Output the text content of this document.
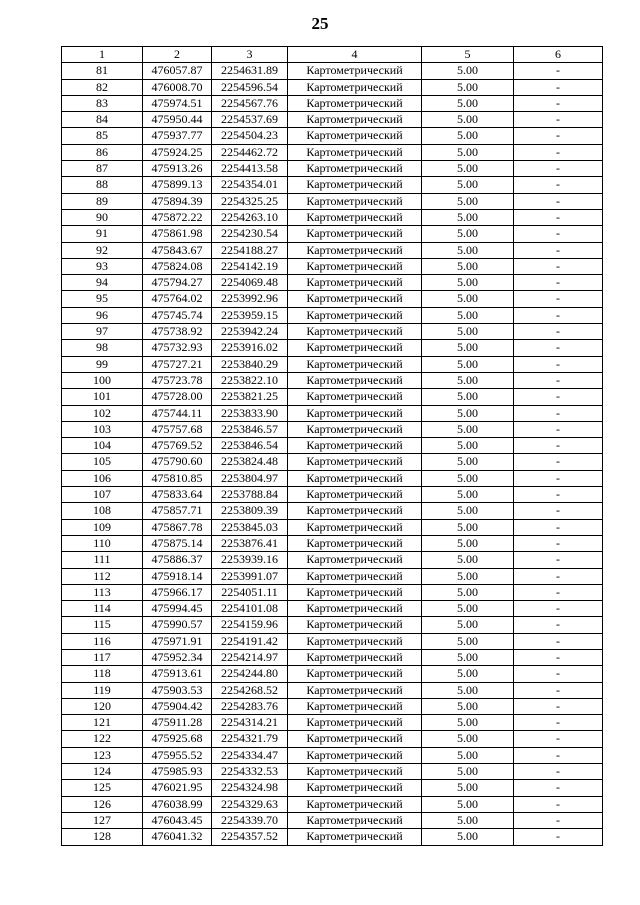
25
1	2	3	4	5	6
81	476057.87	2254631.89	Картометрический	5.00	-
82	476008.70	2254596.54	Картометрический	5.00	-
83	475974.51	2254567.76	Картометрический	5.00	-
84	475950.44	2254537.69	Картометрический	5.00	-
85	475937.77	2254504.23	Картометрический	5.00	-
86	475924.25	2254462.72	Картометрический	5.00	-
87	475913.26	2254413.58	Картометрический	5.00	-
88	475899.13	2254354.01	Картометрический	5.00	-
89	475894.39	2254325.25	Картометрический	5.00	-
90	475872.22	2254263.10	Картометрический	5.00	-
91	475861.98	2254230.54	Картометрический	5.00	-
92	475843.67	2254188.27	Картометрический	5.00	-
93	475824.08	2254142.19	Картометрический	5.00	-
94	475794.27	2254069.48	Картометрический	5.00	-
95	475764.02	2253992.96	Картометрический	5.00	-
96	475745.74	2253959.15	Картометрический	5.00	-
97	475738.92	2253942.24	Картометрический	5.00	-
98	475732.93	2253916.02	Картометрический	5.00	-
99	475727.21	2253840.29	Картометрический	5.00	-
100	475723.78	2253822.10	Картометрический	5.00	-
101	475728.00	2253821.25	Картометрический	5.00	-
102	475744.11	2253833.90	Картометрический	5.00	-
103	475757.68	2253846.57	Картометрический	5.00	-
104	475769.52	2253846.54	Картометрический	5.00	-
105	475790.60	2253824.48	Картометрический	5.00	-
106	475810.85	2253804.97	Картометрический	5.00	-
107	475833.64	2253788.84	Картометрический	5.00	-
108	475857.71	2253809.39	Картометрический	5.00	-
109	475867.78	2253845.03	Картометрический	5.00	-
110	475875.14	2253876.41	Картометрический	5.00	-
111	475886.37	2253939.16	Картометрический	5.00	-
112	475918.14	2253991.07	Картометрический	5.00	-
113	475966.17	2254051.11	Картометрический	5.00	-
114	475994.45	2254101.08	Картометрический	5.00	-
115	475990.57	2254159.96	Картометрический	5.00	-
116	475971.91	2254191.42	Картометрический	5.00	-
117	475952.34	2254214.97	Картометрический	5.00	-
118	475913.61	2254244.80	Картометрический	5.00	-
119	475903.53	2254268.52	Картометрический	5.00	-
120	475904.42	2254283.76	Картометрический	5.00	-
121	475911.28	2254314.21	Картометрический	5.00	-
122	475925.68	2254321.79	Картометрический	5.00	-
123	475955.52	2254334.47	Картометрический	5.00	-
124	475985.93	2254332.53	Картометрический	5.00	-
125	476021.95	2254324.98	Картометрический	5.00	-
126	476038.99	2254329.63	Картометрический	5.00	-
127	476043.45	2254339.70	Картометрический	5.00	-
128	476041.32	2254357.52	Картометрический	5.00	-
